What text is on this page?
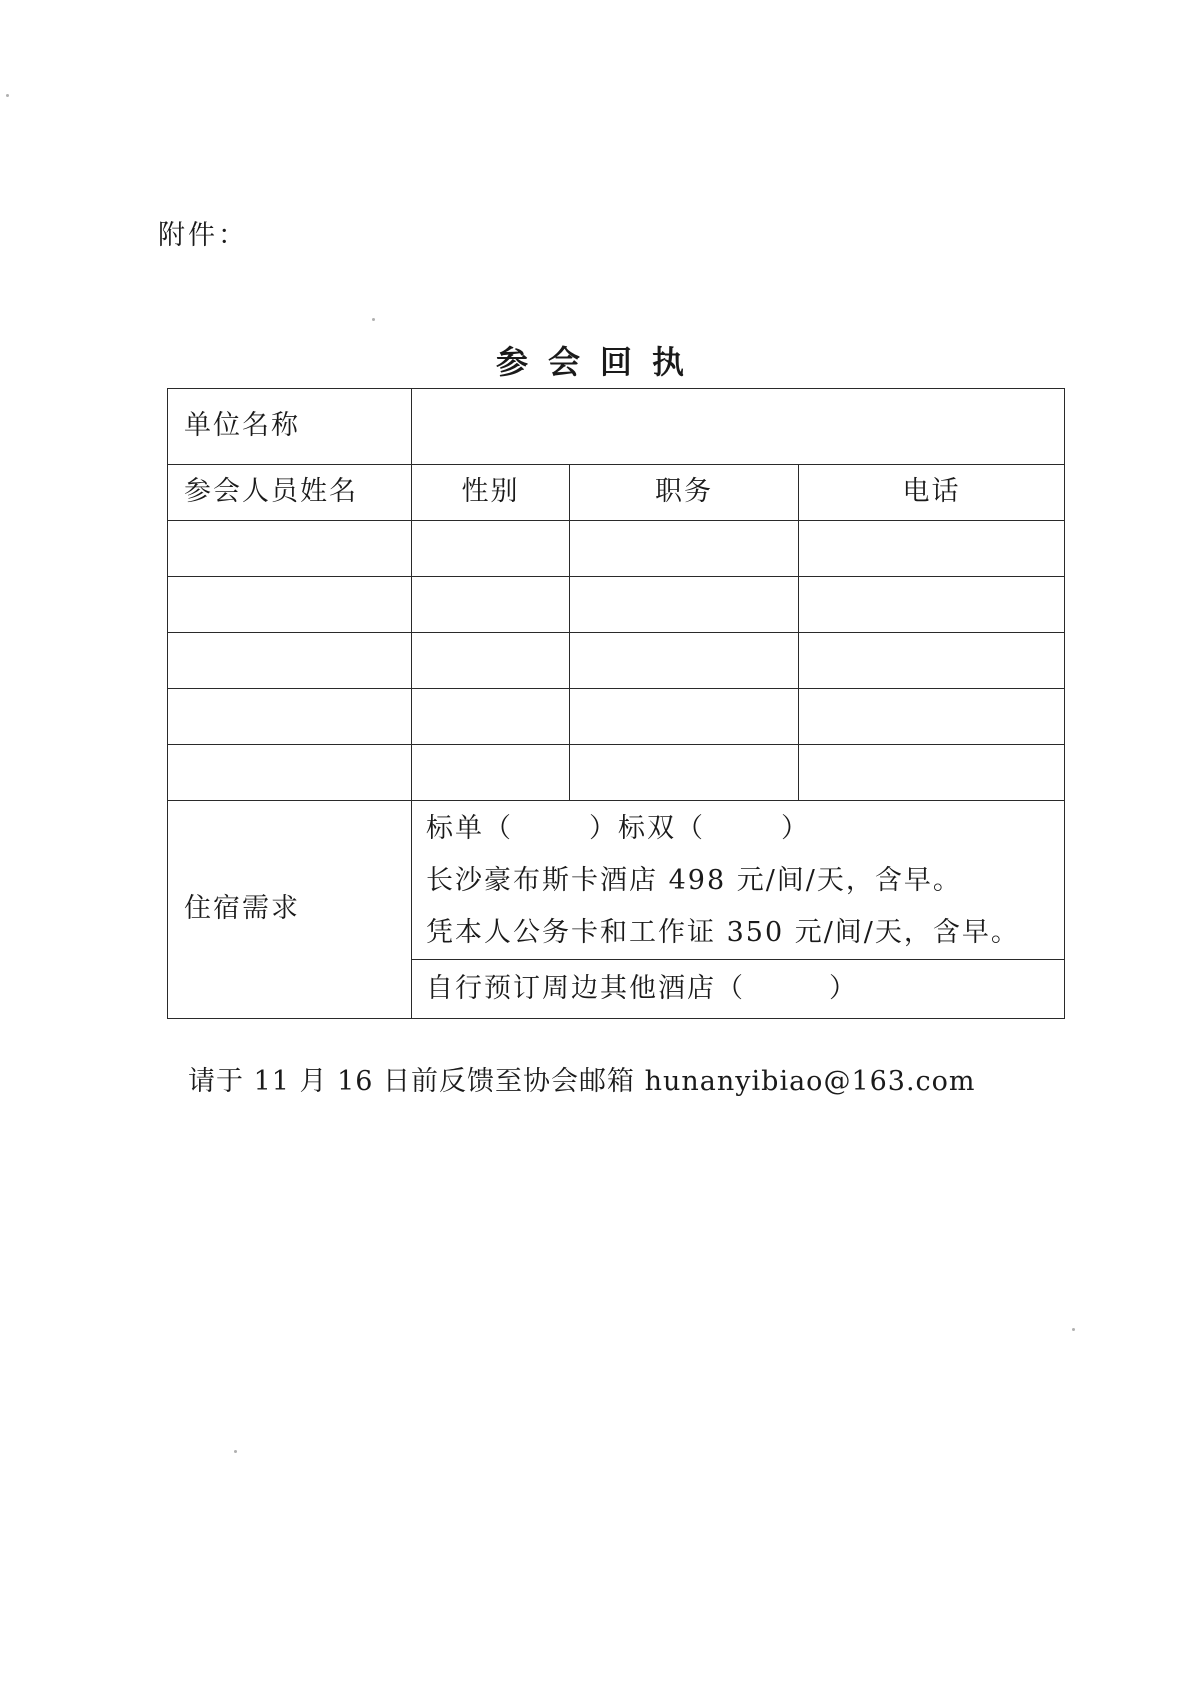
附件：
参会回执
单位名称			
参会人员姓名	性别	职务	电话

住宿需求	标单（ ）标双（ ）
长沙豪布斯卡酒店 498 元/间/天，含早。
凭本人公务卡和工作证 350 元/间/天，含早。		

	自行预订周边其他酒店（ ）		
请于 11 月 16 日前反馈至协会邮箱 hunanyibiao@163.com
